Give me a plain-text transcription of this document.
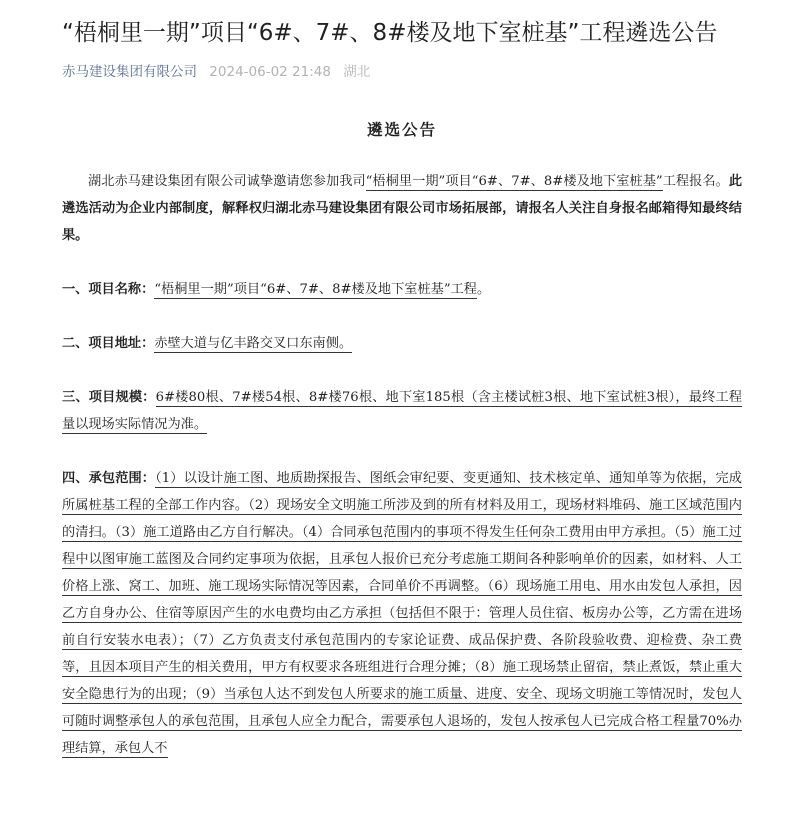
“梧桐里一期”项目“6#、7#、8#楼及地下室桩基”工程遴选公告
赤马建设集团有限公司 2024-06-02 21:48 湖北
遴选公告

湖北赤马建设集团有限公司诚挚邀请您参加我司“梧桐里一期”项目“6#、7#、8#楼及地下室桩基”工程报名。此遴选活动为企业内部制度，解释权归湖北赤马建设集团有限公司市场拓展部，请报名人关注自身报名邮箱得知最终结果。

一、项目名称：“梧桐里一期”项目“6#、7#、8#楼及地下室桩基”工程。

二、项目地址：赤壁大道与亿丰路交叉口东南侧。

三、项目规模：6#楼80根、7#楼54根、8#楼76根、地下室185根（含主楼试桩3根、地下室试桩3根），最终工程量以现场实际情况为准。

四、承包范围：（1）以设计施工图、地质勘探报告、图纸会审纪要、变更通知、技术核定单、通知单等为依据，完成所属桩基工程的全部工作内容。（2）现场安全文明施工所涉及到的所有材料及用工，现场材料堆码、施工区域范围内的清扫。（3）施工道路由乙方自行解决。（4）合同承包范围内的事项不得发生任何杂工费用由甲方承担。（5）施工过程中以图审施工蓝图及合同约定事项为依据，且承包人报价已充分考虑施工期间各种影响单价的因素，如材料、人工价格上涨、窝工、加班、施工现场实际情况等因素，合同单价不再调整。（6）现场施工用电、用水由发包人承担，因乙方自身办公、住宿等原因产生的水电费均由乙方承担（包括但不限于：管理人员住宿、板房办公等，乙方需在进场前自行安装水电表）；（7）乙方负责支付承包范围内的专家论证费、成品保护费、各阶段验收费、迎检费、杂工费等，且因本项目产生的相关费用，甲方有权要求各班组进行合理分摊；（8）施工现场禁止留宿，禁止煮饭，禁止重大安全隐患行为的出现；（9）当承包人达不到发包人所要求的施工质量、进度、安全、现场文明施工等情况时，发包人可随时调整承包人的承包范围，且承包人应全力配合，需要承包人退场的，发包人按承包人已完成合格工程量70%办理结算，承包人不
